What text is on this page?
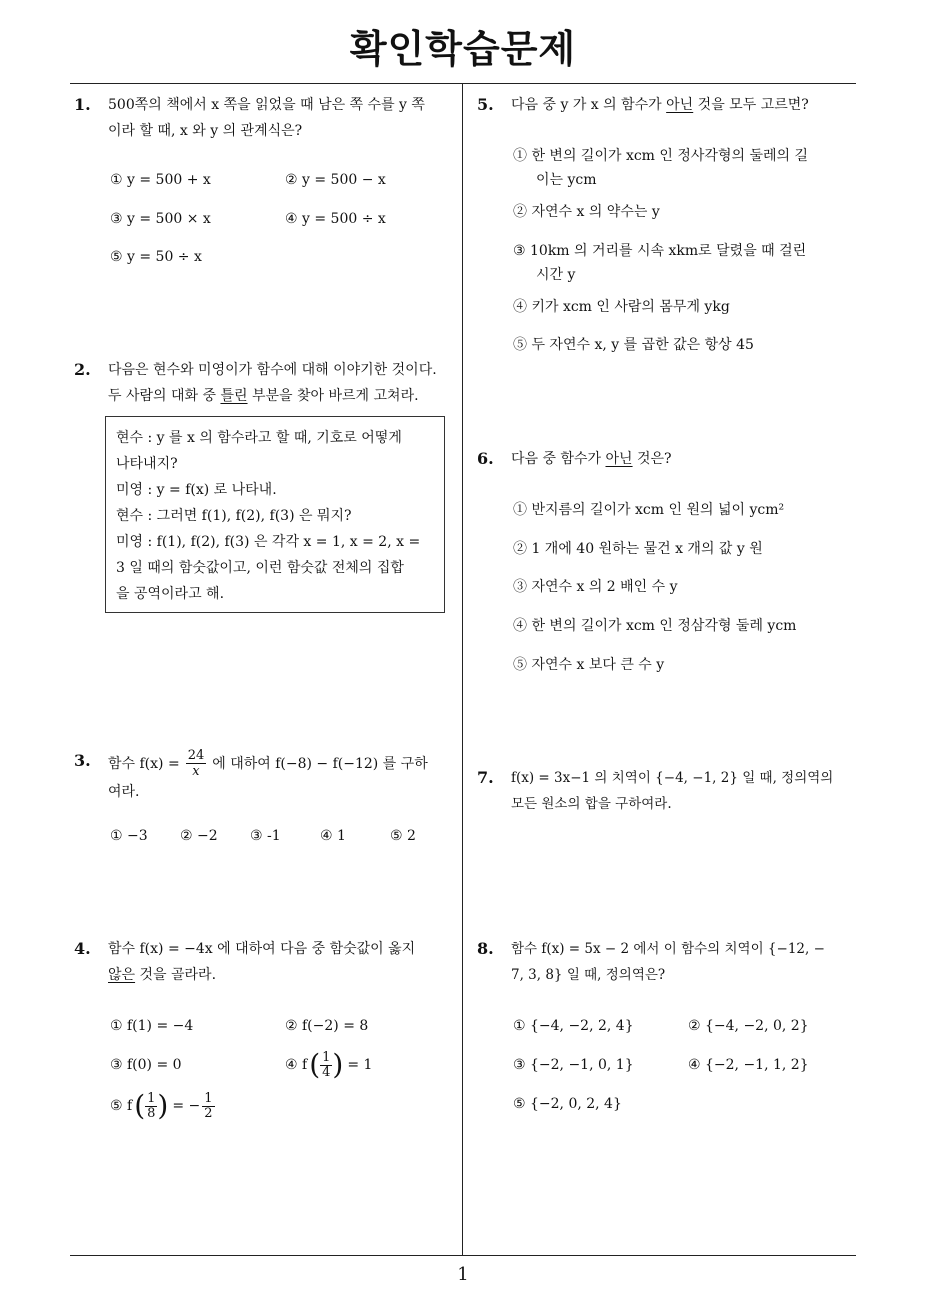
확인학습문제
1
1. 500쪽의 책에서 x 쪽을 읽었을 때 남은 쪽 수를 y 쪽
이라 할 때, x 와 y 의 관계식은?
① y = 500 + x	② y = 500 − x
③ y = 500 × x	④ y = 500 ÷ x
⑤ y = 50 ÷ x
2. 다음은 현수와 미영이가 함수에 대해 이야기한 것이다.
두 사람의 대화 중 틀린 부분을 찾아 바르게 고쳐라.
현수 : y 를 x 의 함수라고 할 때, 기호로 어떻게
나타내지?
미영 : y = f(x) 로 나타내.
현수 : 그러면 f(1), f(2), f(3) 은 뭐지?
미영 : f(1), f(2), f(3) 은 각각 x = 1, x = 2, x =
3 일 때의 함숫값이고, 이런 함숫값 전체의 집합
을 공역이라고 해.
3. 함수 $f(x) = \frac{24}{x}$ 에 대하여 f(−8) − f(−12) 를 구하
여라.
① −3 ② −2 ③ -1	④ 1	⑤ 2
4. 함수 f(x) = −4x 에 대하여 다음 중 함숫값이 옳지
않은 것을 골라라.
① f(1) = −4	② f(−2) = 8
③ f(0) = 0	④ f ( 1
4 ) = 1
⑤ f ( 1
8 ) = − $\frac{1}{2}$
5. 다음 중 y 가 x 의 함수가 아닌 것을 모두 고르면?
① 한 변의 길이가 xcm 인 정사각형의 둘레의 길
이는 ycm
② 자연수 x 의 약수는 y
③ 10km 의 거리를 시속 xkm로 달렸을 때 걸린
시간 y
④ 키가 xcm 인 사람의 몸무게 ykg
⑤ 두 자연수 x, y 를 곱한 값은 항상 45
6. 다음 중 함수가 아닌 것은?
① 반지름의 길이가 xcm 인 원의 넓이 ycm²
② 1 개에 40 원하는 물건 x 개의 값 y 원
③ 자연수 x 의 2 배인 수 y
④ 한 변의 길이가 xcm 인 정삼각형 둘레 ycm
⑤ 자연수 x 보다 큰 수 y
7. f(x) = 3x−1 의 치역이 {−4, −1, 2} 일 때, 정의역의
모든 원소의 합을 구하여라.
8. 함수 f(x) = 5x − 2 에서 이 함수의 치역이 {−12, −
7, 3, 8} 일 때, 정의역은?
① {−4, −2, 2, 4}	② {−4, −2, 0, 2}
③ {−2, −1, 0, 1}	④ {−2, −1, 1, 2}
⑤ {−2, 0, 2, 4}
